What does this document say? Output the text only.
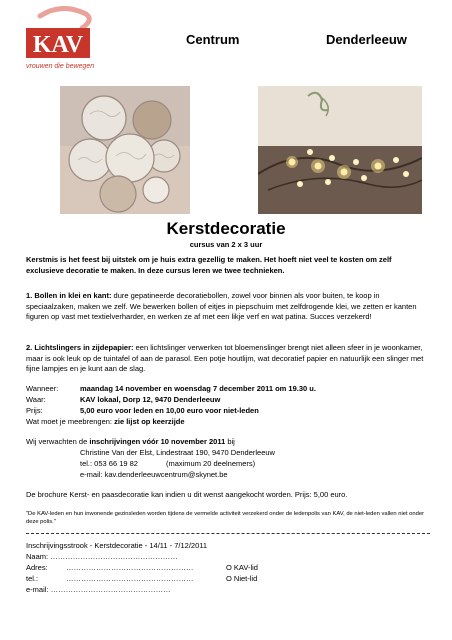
KAV
vrouwen die bewegen
Centrum	Denderleeuw
Kerstdecoratie
cursus van 2 x 3 uur
Kerstmis is het feest bij uitstek om je huis extra gezellig te maken. Het hoeft niet veel te kosten om zelf exclusieve decoratie te maken. In deze cursus leren we twee technieken.
1. Bollen in klei en kant: dure gepatineerde decoratiebollen, zowel voor binnen als voor buiten, te koop in speciaalzaken, maken we zelf. We bewerken bollen of eitjes in piepschuim met zelfdrogende klei, we zetten er kanten figuren op vast met textielverharder, en werken ze af met een likje verf en wat patina. Succes verzekerd!
2. Lichtslingers in zijdepapier: een lichtslinger verwerken tot bloemenslinger brengt niet alleen sfeer in je woonkamer, maar is ook leuk op de tuintafel of aan de parasol. Een potje houtlijm, wat decoratief papier en natuurlijk een slinger met fijne lampjes en je kunt aan de slag.
Wanneer:	maandag 14 november en woensdag 7 december 2011 om 19.30 u.
Waar:	KAV lokaal, Dorp 12, 9470 Denderleeuw
Prijs:	5,00 euro voor leden en 10,00 euro voor niet-leden
Wat moet je meebrengen: zie lijst op keerzijde
Wij verwachten de inschrijvingen vóór 10 november 2011 bij
Christine Van der Elst, Lindestraat 190, 9470 Denderleeuw
tel.: 053 66 19 82	(maximum 20 deelnemers)
e-mail: kav.denderleeuwcentrum@skynet.be
De brochure Kerst- en paasdecoratie kan indien u dit wenst aangekocht worden. Prijs: 5,00 euro.
"De KAV-leden en hun inwonende gezinsleden worden tijdens de vermelde activiteit verzekerd onder de ledenpolis van KAV, de niet-leden vallen niet onder deze polis."
Inschrijvingsstrook - Kerstdecoratie - 14/11 - 7/12/2011
Naam: ……………………………………………
Adres: ……………………………………………
tel.:	……………………………………………
e-mail: …………………………………………
O KAV-lid
O Niet-lid
